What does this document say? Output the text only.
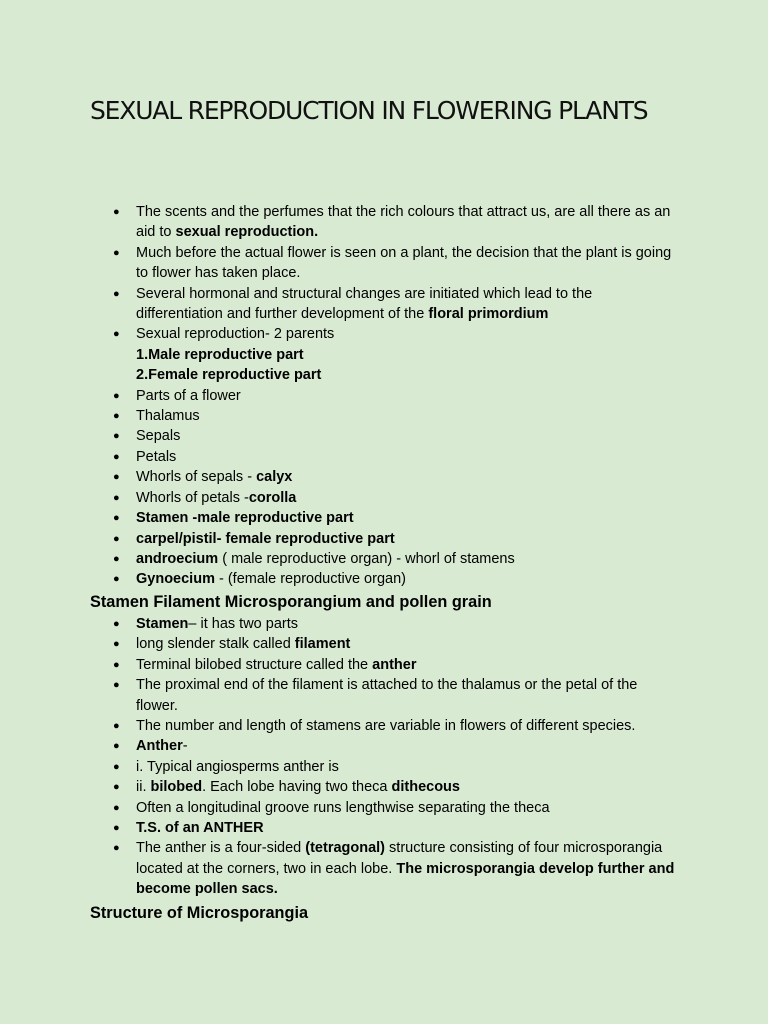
SEXUAL REPRODUCTION IN FLOWERING PLANTS
● The scents and the perfumes that the rich colours that attract us, are all there as an aid to sexual reproduction.
● Much before the actual flower is seen on a plant, the decision that the plant is going to flower has taken place.
● Several hormonal and structural changes are initiated which lead to the differentiation and further development of the floral primordium
● Sexual reproduction- 2 parents
1.Male reproductive part
2.Female reproductive part
● Parts of a flower
● Thalamus
● Sepals
● Petals
● Whorls of sepals - calyx
● Whorls of petals -corolla
● Stamen -male reproductive part
● carpel/pistil- female reproductive part
● androecium ( male reproductive organ) - whorl of stamens
● Gynoecium - (female reproductive organ)
Stamen Filament Microsporangium and pollen grain
● Stamen– it has two parts
● long slender stalk called filament
● Terminal bilobed structure called the anther
● The proximal end of the filament is attached to the thalamus or the petal of the flower.
● The number and length of stamens are variable in flowers of different species.
● Anther-
● i. Typical angiosperms anther is
● ii. bilobed. Each lobe having two theca dithecous
● Often a longitudinal groove runs lengthwise separating the theca
● T.S. of an ANTHER
● The anther is a four-sided (tetragonal) structure consisting of four microsporangia located at the corners, two in each lobe. The microsporangia develop further and become pollen sacs.
Structure of Microsporangia
